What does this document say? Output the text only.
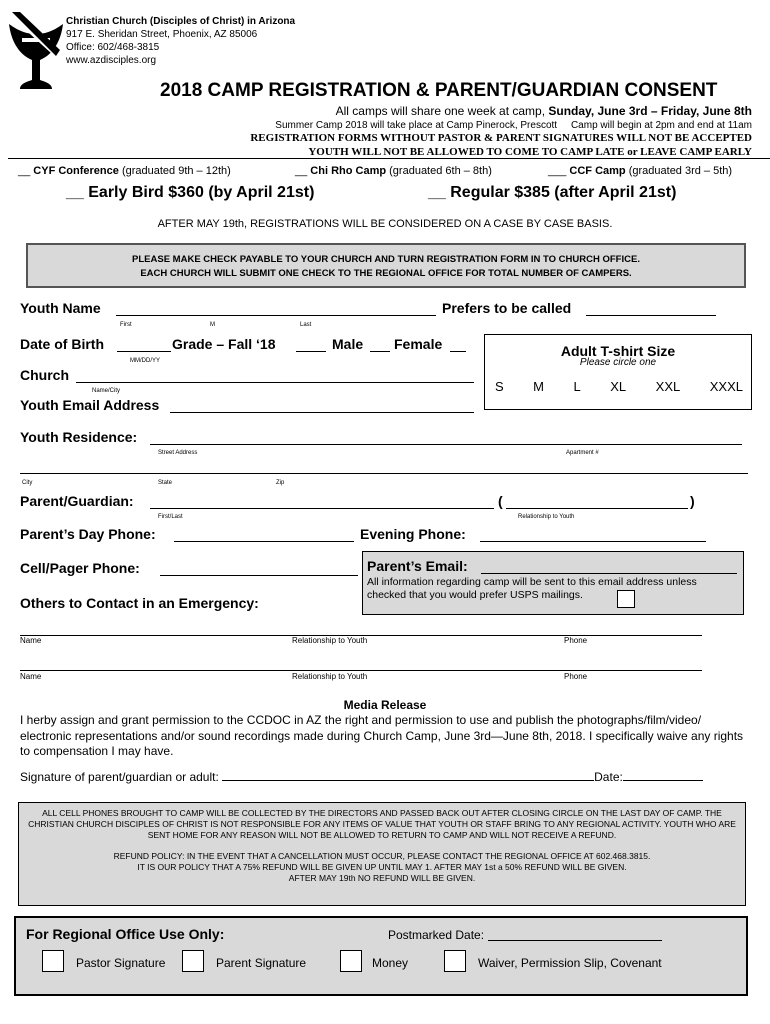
Christian Church (Disciples of Christ) in Arizona
917 E. Sheridan Street, Phoenix, AZ 85006
Office: 602/468-3815
www.azdisciples.org
2018 CAMP REGISTRATION & PARENT/GUARDIAN CONSENT
All camps will share one week at camp, Sunday, June 3rd – Friday, June 8th
Summer Camp 2018 will take place at Camp Pinerock, Prescott     Camp will begin at 2pm and end at 11am
REGISTRATION FORMS WITHOUT PASTOR & PARENT SIGNATURES WILL NOT BE ACCEPTED
YOUTH WILL NOT BE ALLOWED TO COME TO CAMP LATE or LEAVE CAMP EARLY
__ CYF Conference (graduated 9th – 12th)	__ Chi Rho Camp (graduated 6th – 8th)	___ CCF Camp (graduated 3rd – 5th)
__ Early Bird $360 (by April 21st)	__ Regular $385 (after April 21st)
AFTER MAY 19th, REGISTRATIONS WILL BE CONSIDERED ON A CASE BY CASE BASIS.
PLEASE MAKE CHECK PAYABLE TO YOUR CHURCH AND TURN REGISTRATION FORM IN TO CHURCH OFFICE.
EACH CHURCH WILL SUBMIT ONE CHECK TO THE REGIONAL OFFICE FOR TOTAL NUMBER OF CAMPERS.
Youth Name	Prefers to be called
First	M	Last
Date of Birth	Grade – Fall ‘18	Male Female
MM/DD/YY
Church
Name/City
Youth Email Address
Adult T-shirt Size
Please circle one
S M L XL XXL XXXL
Youth Residence:
Street Address	Apartment #
City	State	Zip
Parent/Guardian:	(	)
First/Last	Relationship to Youth
Parent’s Day Phone:	Evening Phone:
Cell/Pager Phone:	Parent’s Email:
All information regarding camp will be sent to this email address unless checked that you would prefer USPS mailings.
Others to Contact in an Emergency:
Name	Relationship to Youth	Phone
Name	Relationship to Youth	Phone
Media Release
I herby assign and grant permission to the CCDOC in AZ the right and permission to use and publish the photographs/film/video/ electronic representations and/or sound recordings made during Church Camp, June 3rd—June 8th, 2018. I specifically waive any rights to compensation I may have.
Signature of parent/guardian or adult:	Date:
ALL CELL PHONES BROUGHT TO CAMP WILL BE COLLECTED BY THE DIRECTORS AND PASSED BACK OUT AFTER CLOSING CIRCLE ON THE LAST DAY OF CAMP. THE CHRISTIAN CHURCH DISCIPLES OF CHRIST IS NOT RESPONSIBLE FOR ANY ITEMS OF VALUE THAT YOUTH OR STAFF BRING TO ANY REGIONAL ACTIVITY. YOUTH WHO ARE SENT HOME FOR ANY REASON WILL NOT BE ALLOWED TO RETURN TO CAMP AND WILL NOT RECEIVE A REFUND.
REFUND POLICY: IN THE EVENT THAT A CANCELLATION MUST OCCUR, PLEASE CONTACT THE REGIONAL OFFICE AT 602.468.3815.
IT IS OUR POLICY THAT A 75% REFUND WILL BE GIVEN UP UNTIL MAY 1. AFTER MAY 1st a 50% REFUND WILL BE GIVEN.
AFTER MAY 19th NO REFUND WILL BE GIVEN.
For Regional Office Use Only:	Postmarked Date:
Pastor Signature	Parent Signature	Money	Waiver, Permission Slip, Covenant
